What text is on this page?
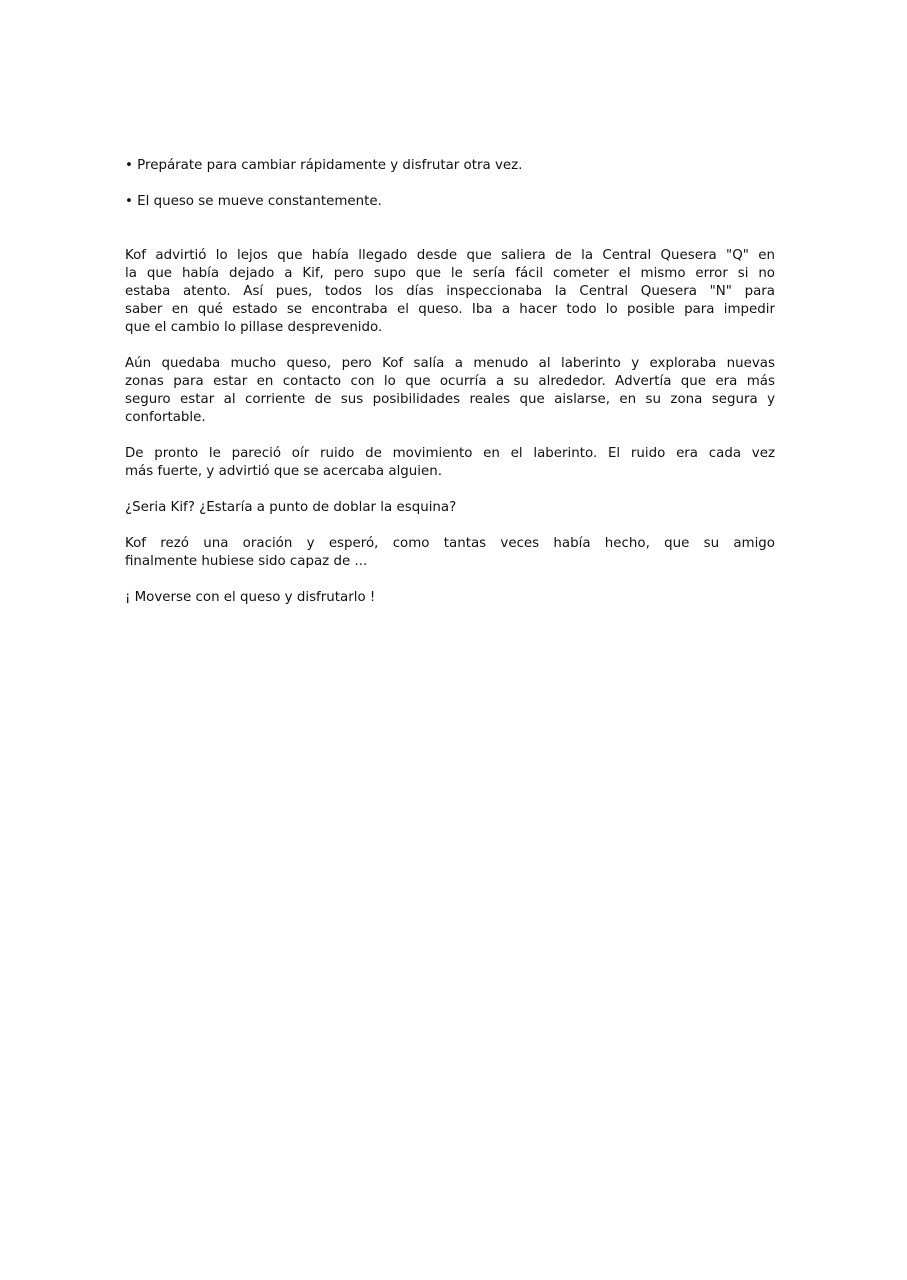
• Prepárate para cambiar rápidamente y disfrutar otra vez.
• El queso se mueve constantemente.
Kof advirtió lo lejos que había llegado desde que saliera de la Central Quesera "Q" en
la que había dejado a Kif, pero supo que le sería fácil cometer el mismo error si no
estaba atento. Así pues, todos los días inspeccionaba la Central Quesera "N" para
saber en qué estado se encontraba el queso. Iba a hacer todo lo posible para impedir
que el cambio lo pillase desprevenido.
Aún quedaba mucho queso, pero Kof salía a menudo al laberinto y exploraba nuevas
zonas para estar en contacto con lo que ocurría a su alrededor. Advertía que era más
seguro estar al corriente de sus posibilidades reales que aislarse, en su zona segura y
confortable.
De pronto le pareció oír ruido de movimiento en el laberinto. El ruido era cada vez
más fuerte, y advirtió que se acercaba alguien.
¿Seria Kif? ¿Estaría a punto de doblar la esquina?
Kof rezó una oración y esperó, como tantas veces había hecho, que su amigo
finalmente hubiese sido capaz de ...
¡ Moverse con el queso y disfrutarlo !
